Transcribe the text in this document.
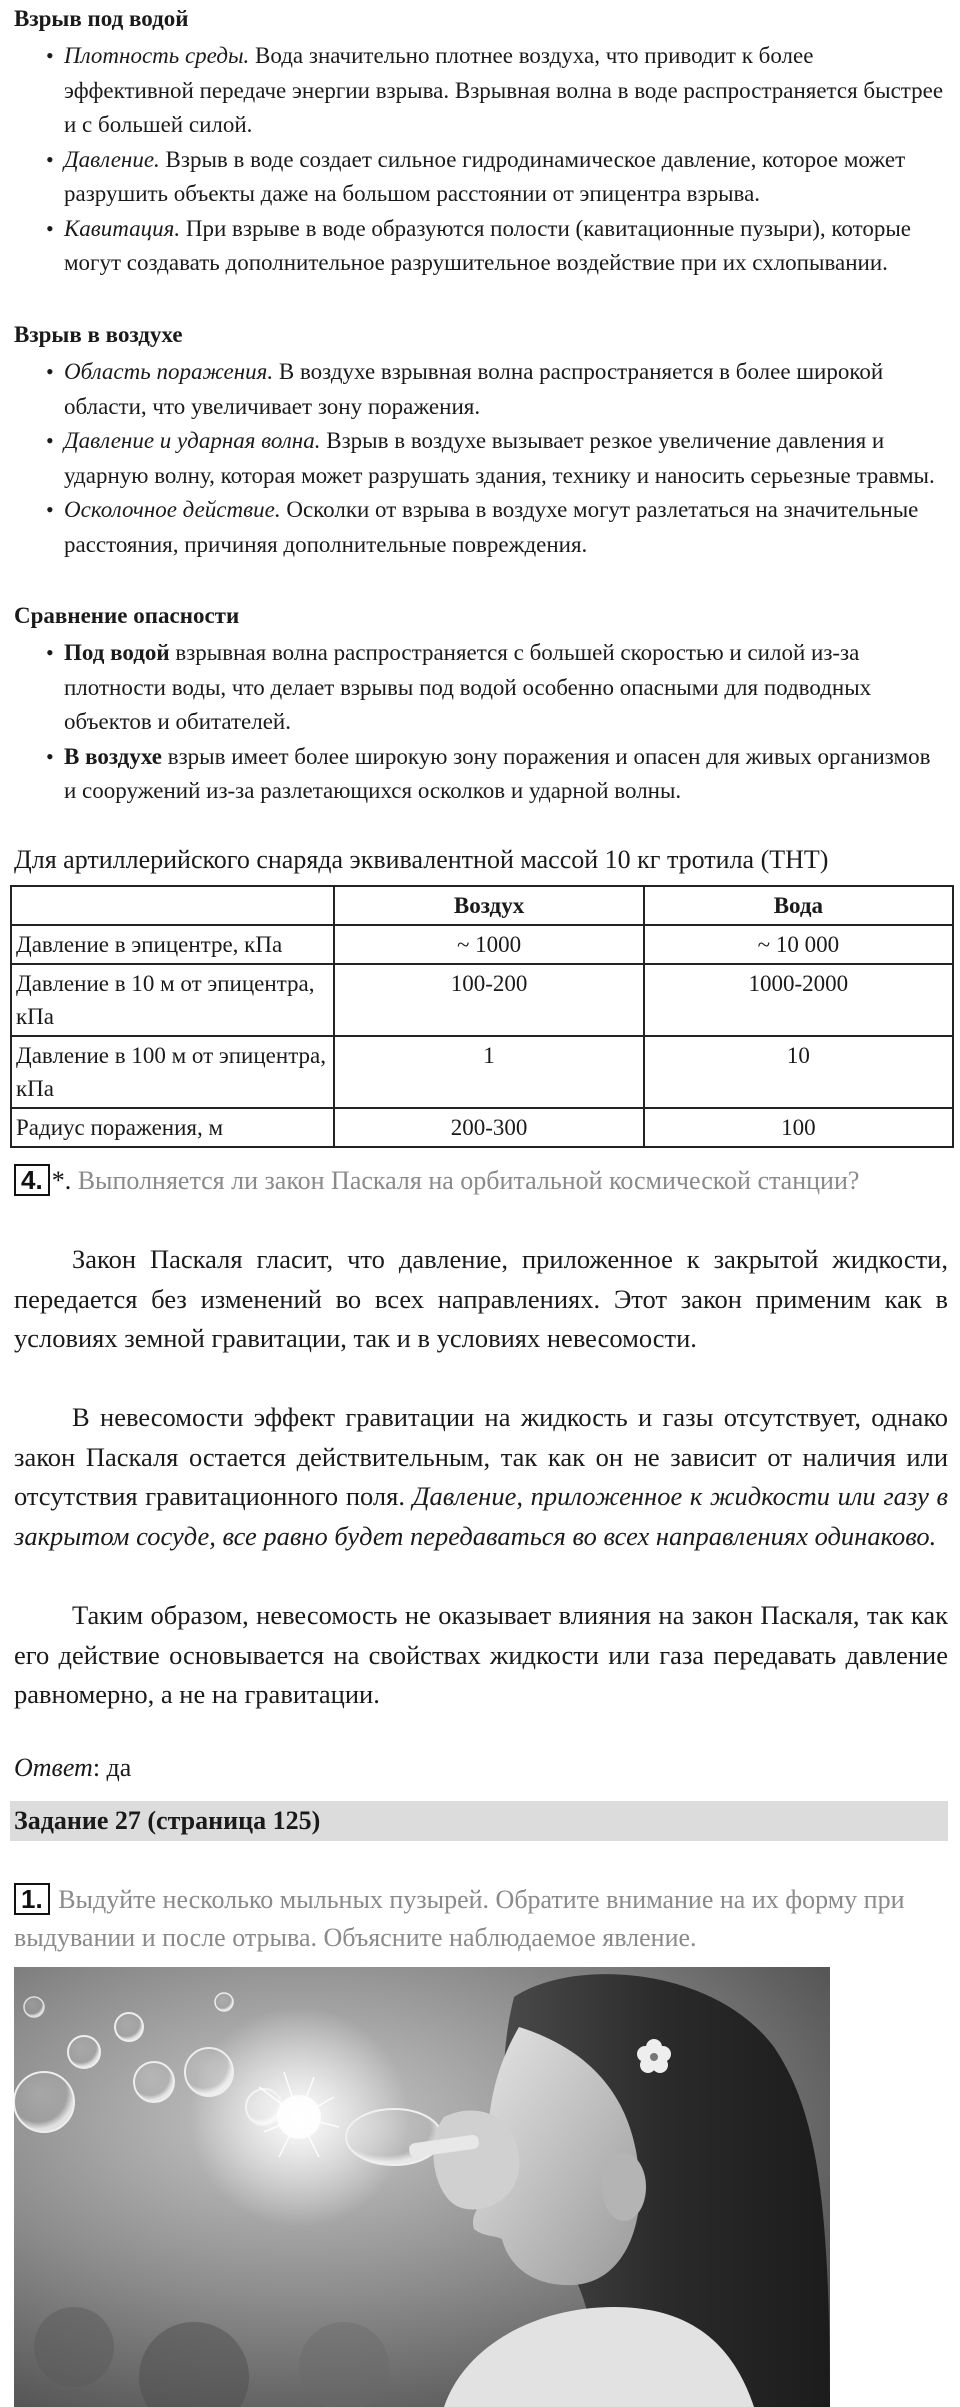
Взрыв под водой
• Плотность среды. Вода значительно плотнее воздуха, что приводит к более эффективной передаче энергии взрыва. Взрывная волна в воде распространяется быстрее и с большей силой.
• Давление. Взрыв в воде создает сильное гидродинамическое давление, которое может разрушить объекты даже на большом расстоянии от эпицентра взрыва.
• Кавитация. При взрыве в воде образуются полости (кавитационные пузыри), которые могут создавать дополнительное разрушительное воздействие при их схлопывании.
Взрыв в воздухе
• Область поражения. В воздухе взрывная волна распространяется в более широкой области, что увеличивает зону поражения.
• Давление и ударная волна. Взрыв в воздухе вызывает резкое увеличение давления и ударную волну, которая может разрушать здания, технику и наносить серьезные травмы.
• Осколочное действие. Осколки от взрыва в воздухе могут разлетаться на значительные расстояния, причиняя дополнительные повреждения.
Сравнение опасности
• Под водой взрывная волна распространяется с большей скоростью и силой из-за плотности воды, что делает взрывы под водой особенно опасными для подводных объектов и обитателей.
• В воздухе взрыв имеет более широкую зону поражения и опасен для живых организмов и сооружений из-за разлетающихся осколков и ударной волны.

Для артиллерийского снаряда эквивалентной массой 10 кг тротила (ТНТ)

	Воздух	Вода
Давление в эпицентре, кПа	~ 1000	~ 10 000
Давление в 10 м от эпицентра, кПа	100-200	1000-2000
Давление в 100 м от эпицентра, кПа	1	10
Радиус поражения, м	200-300	100

4. *. Выполняется ли закон Паскаля на орбитальной космической станции?

Закон Паскаля гласит, что давление, приложенное к закрытой жидкости, передается без изменений во всех направлениях. Этот закон применим как в условиях земной гравитации, так и в условиях невесомости.

В невесомости эффект гравитации на жидкость и газы отсутствует, однако закон Паскаля остается действительным, так как он не зависит от наличия или отсутствия гравитационного поля. Давление, приложенное к жидкости или газу в закрытом сосуде, все равно будет передаваться во всех направлениях одинаково.

Таким образом, невесомость не оказывает влияния на закон Паскаля, так как его действие основывается на свойствах жидкости или газа передавать давление равномерно, а не на гравитации.

Ответ: да

Задание 27 (страница 125)

1. Выдуйте несколько мыльных пузырей. Обратите внимание на их форму при выдувании и после отрыва. Объясните наблюдаемое явление.
